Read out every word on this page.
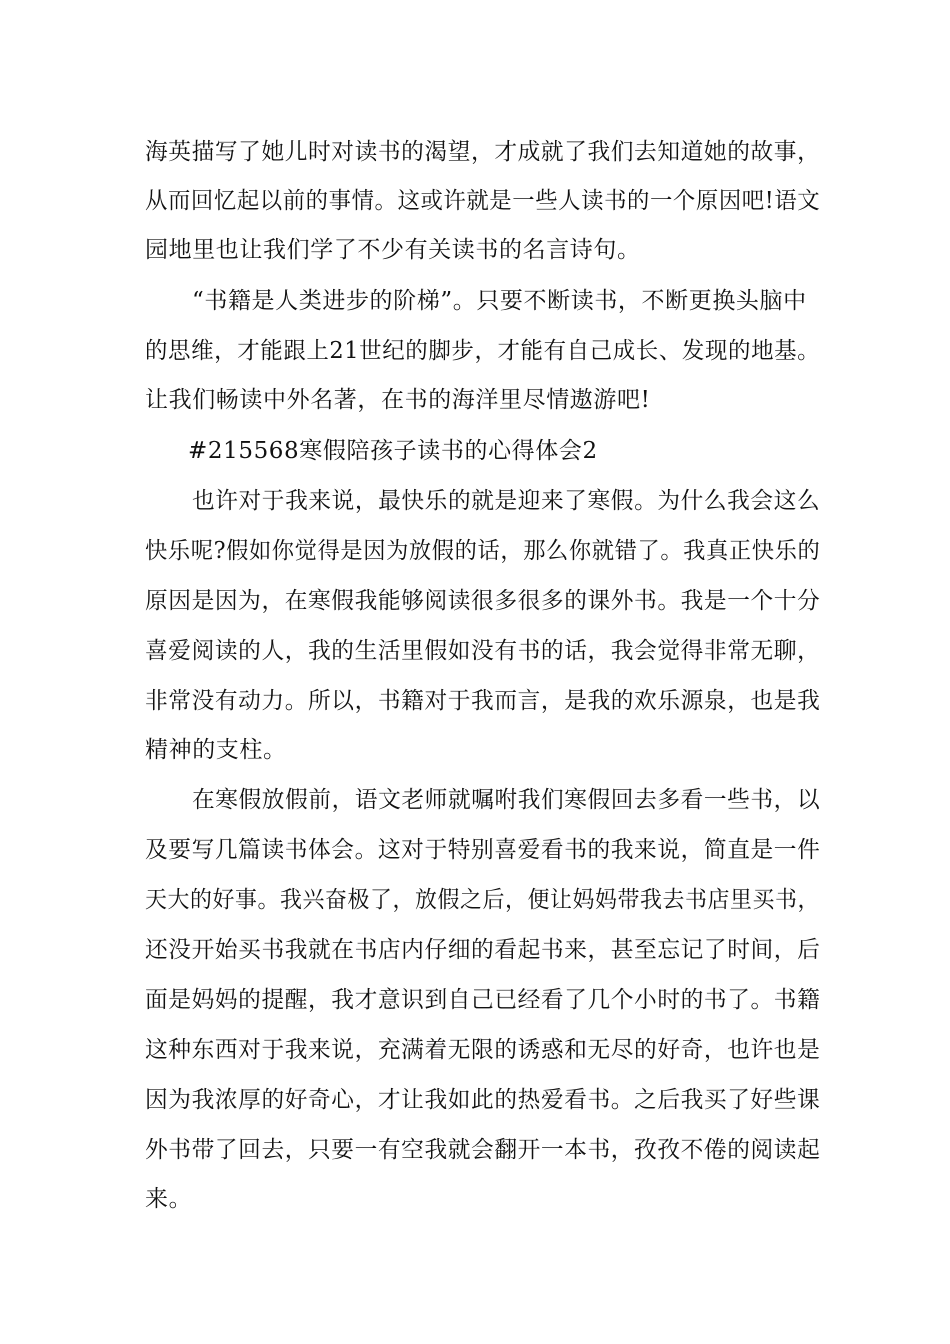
海英描写了她儿时对读书的渴望，才成就了我们去知道她的故事，
从而回忆起以前的事情。这或许就是一些人读书的一个原因吧!语文
园地里也让我们学了不少有关读书的名言诗句。
“书籍是人类进步的阶梯”。只要不断读书，不断更换头脑中
的思维，才能跟上21世纪的脚步，才能有自己成长、发现的地基。
让我们畅读中外名著，在书的海洋里尽情遨游吧!
#215568寒假陪孩子读书的心得体会2
也许对于我来说，最快乐的就是迎来了寒假。为什么我会这么
快乐呢?假如你觉得是因为放假的话，那么你就错了。我真正快乐的
原因是因为，在寒假我能够阅读很多很多的课外书。我是一个十分
喜爱阅读的人，我的生活里假如没有书的话，我会觉得非常无聊，
非常没有动力。所以，书籍对于我而言，是我的欢乐源泉，也是我
精神的支柱。
在寒假放假前，语文老师就嘱咐我们寒假回去多看一些书，以
及要写几篇读书体会。这对于特别喜爱看书的我来说，简直是一件
天大的好事。我兴奋极了，放假之后，便让妈妈带我去书店里买书，
还没开始买书我就在书店内仔细的看起书来，甚至忘记了时间，后
面是妈妈的提醒，我才意识到自己已经看了几个小时的书了。书籍
这种东西对于我来说，充满着无限的诱惑和无尽的好奇，也许也是
因为我浓厚的好奇心，才让我如此的热爱看书。之后我买了好些课
外书带了回去，只要一有空我就会翻开一本书，孜孜不倦的阅读起
来。
